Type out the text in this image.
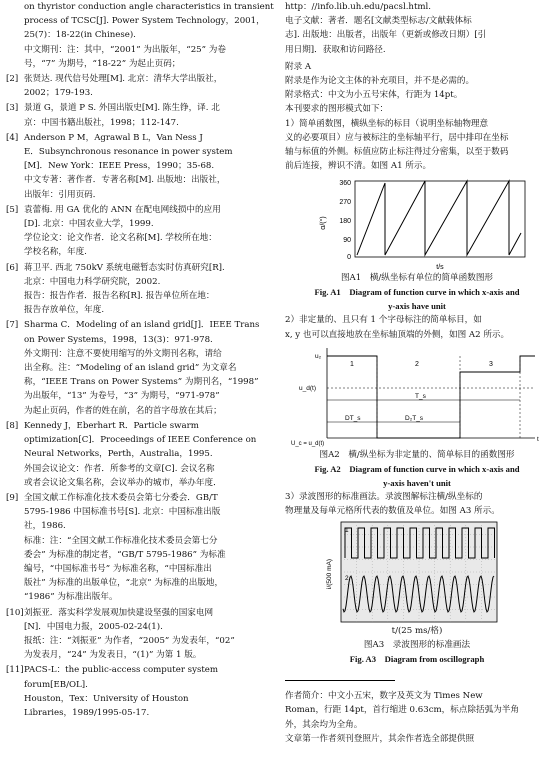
on thyristor conduction angle characteristics in transient
process of TCSC[J]. Power System Technology，2001，
25(7)：18-22(in Chinese).
中文期刊：注：其中，“2001” 为出版年，“25” 为卷
号，“7” 为期号，“18-22” 为起止页码；
[2] 张贤达. 现代信号处理[M]. 北京：清华大学出版社，
2002；179-193.
[3] 景道 G，景道 P S. 外国出版史[M]. 陈生铮，译. 北
京：中国书籍出版社，1998；112-147.
[4] Anderson P M，Agrawal B L，Van Ness J
E．Subsynchronous resonance in power system
[M]．New York：IEEE Press，1990；35-68.
中文专著：著作者．专著名称[M]. 出版地：出版社，
出版年：引用页码．
[5] 袁蕾梅. 用 GA 优化的 ANN 在配电网线损中的应用
[D]. 北京：中国农业大学，1999.
学位论文：论文作者．论文名称[M]. 学校所在地：
学校名称，年度.
[6] 蒋卫平. 西北 750kV 系统电磁暂态实时仿真研究[R].
北京：中国电力科学研究院，2002.
报告：报告作者．报告名称[R]. 报告单位所在地：
报告存放单位，年度.
[7] Sharma C．Modeling of an island grid[J]．IEEE Trans
on Power Systems，1998，13(3)：971-978.
外文期刊：注意不要使用缩写的外文期刊名称，请给
出全称。注：“Modeling of an island grid” 为文章名
称，“IEEE Trans on Power Systems” 为期刊名，“1998”
为出版年，“13” 为卷号，“3” 为期号，“971-978”
为起止页码，作者的姓在前，名的首字母放在其后；
[8] Kennedy J，Eberhart R．Particle swarm
optimization[C]．Proceedings of IEEE Conference on
Neural Networks，Perth，Australia，1995.
外国会议论文：作者．所参考的文章[C]. 会议名称
或者会议论文集名称，会议举办的城市，举办年度．
[9] 全国文献工作标准化技术委员会第七分委会．GB/T
5795-1986 中国标准书号[S]. 北京：中国标准出版
社，1986.
标准：注：“全国文献工作标准化技术委员会第七分
委会” 为标准的制定者，“GB/T 5795-1986” 为标准
编号，“中国标准书号” 为标准名称，“中国标准出
版社” 为标准的出版单位，“北京” 为标准的出版地，
“1986” 为标准出版年。
[10] 刘振亚．落实科学发展观加快建设坚强的国家电网
[N]．中国电力报，2005-02-24(1).
报纸：注：“刘振亚” 为作者，“2005” 为发表年，“02”
为发表月，“24” 为发表日，“(1)” 为第 1 版。
[11] PACS-L：the public-access computer system
forum[EB/OL].
Houston，Tex：University of Houston
Libraries，1989/1995-05-17.
http：//info.lib.uh.edu/pacsl.html.
电子文献：著者．题名[文献类型标志/文献载体标
志]. 出版地：出版者，出版年（更新或修改日期）[引
用日期]．获取和访问路径.
附录 A
附录是作为论文主体的补充项目，并不是必需的。
附录格式：中文为小五号宋体，行距为 14pt。
本刊要求的图形模式如下：
1）简单函数图，横纵坐标的标目（说明坐标轴物理意
义的必要项目）应与被标注的坐标轴平行，居中排印在坐标
轴与标值的外侧。标值应防止标注得过分密集，以至于数码
前后连接，辨识不清。如图 A1 所示。
α/(°)
360
270
180
90
0
t/s
图A1　横/纵坐标有单位的简单函数图形
Fig. A1　Diagram of function curve in which x-axis and
y-axis have unit
2）非定量的、且只有 1 个字母标注的简单标目，如
x, y 也可以直接地放在坐标轴顶端的外侧，如图 A2 所示。
u₂
u_d(t)
t
U_c = u_d(t)
1	2	3
T_s
DT_s	D₂T_s
图A2　横/纵坐标为非定量的、简单标目的函数图形
Fig. A2　Diagram of function curve in which x-axis and
y-axis haven't unit
3）录波图形的标准画法。录波图解标注横/纵坐标的
物理量及每单元格所代表的数值及单位。如图 A3 所示。
i/(500 mA)
1
2
t/(25 ms/格)
图A3　录波图形的标准画法
Fig. A3　Diagram from oscillograph
作者简介：中文小五宋，数字及英文为 Times New
Roman，行距 14pt，首行缩进 0.63cm，标点除括弧为半角
外，其余均为全角。
文章第一作者须刊登照片，其余作者选全部提供照
